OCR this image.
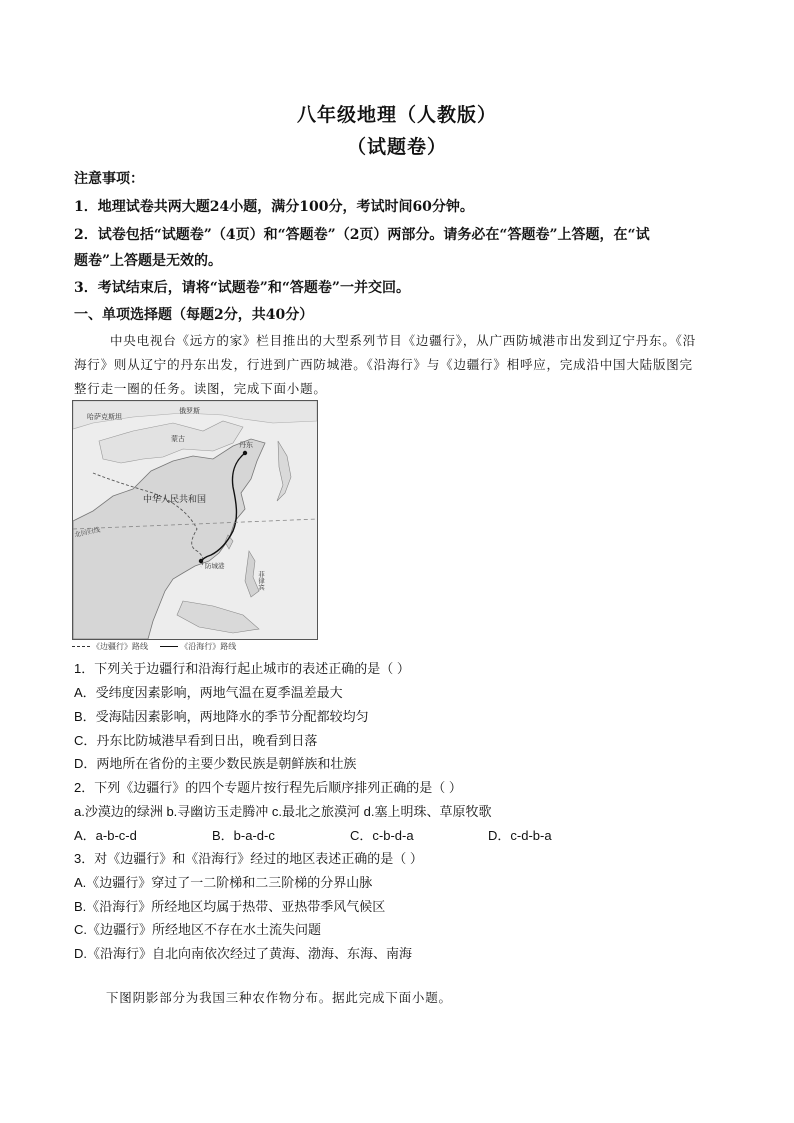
八年级地理（人教版）
（试题卷）
注意事项：
1．地理试卷共两大题24小题，满分100分，考试时间60分钟。
2．试卷包括“试题卷”（4页）和“答题卷”（2页）两部分。请务必在“答题卷”上答题，在“试
题卷”上答题是无效的。
3．考试结束后，请将“试题卷”和“答题卷”一并交回。
一、单项选择题（每题2分，共40分）
中央电视台《远方的家》栏目推出的大型系列节目《边疆行》，从广西防城港市出发到辽宁丹东。《沿
海行》则从辽宁的丹东出发，行进到广西防城港。《沿海行》与《边疆行》相呼应，完成沿中国大陆版图完
整行走一圈的任务。读图，完成下面小题。
哈萨克斯坦
俄罗斯
蒙古
丹东
中华人民共和国
北回归线
防城港
菲律宾
《边疆行》路线	《沿海行》路线
1．下列关于边疆行和沿海行起止城市的表述正确的是（ ）
A．受纬度因素影响，两地气温在夏季温差最大
B．受海陆因素影响，两地降水的季节分配都较均匀
C．丹东比防城港早看到日出，晚看到日落
D．两地所在省份的主要少数民族是朝鲜族和壮族
2．下列《边疆行》的四个专题片按行程先后顺序排列正确的是（ ）
a.沙漠边的绿洲 b.寻幽访玉走腾冲 c.最北之旅漠河 d.塞上明珠、草原牧歌
A．a-b-c-d	B．b-a-d-c	C．c-b-d-a	D．c-d-b-a
3．对《边疆行》和《沿海行》经过的地区表述正确的是（ ）
A.《边疆行》穿过了一二阶梯和二三阶梯的分界山脉
B.《沿海行》所经地区均属于热带、亚热带季风气候区
C.《边疆行》所经地区不存在水土流失问题
D.《沿海行》自北向南依次经过了黄海、渤海、东海、南海
下图阴影部分为我国三种农作物分布。据此完成下面小题。
